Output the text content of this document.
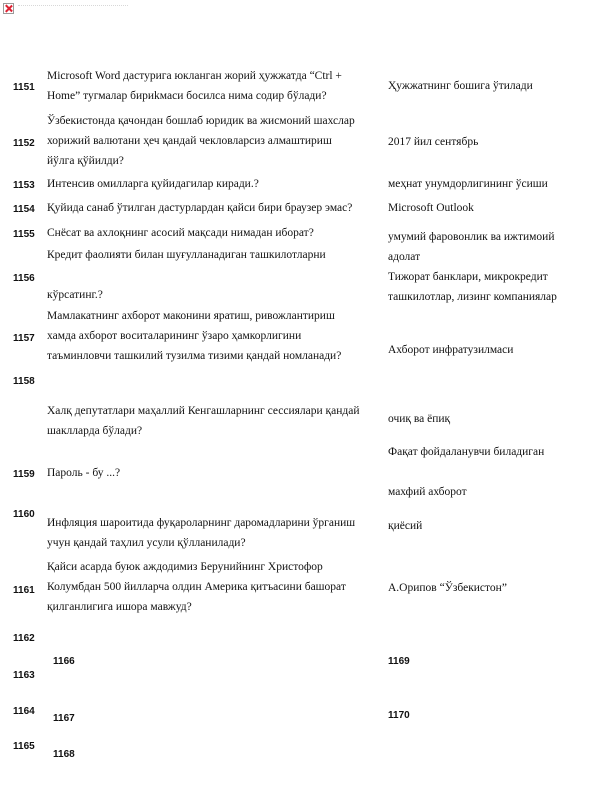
1151
1152
1153
1154
1155
1156
1157
1158
1159
1160
1161
1162
1163
1164
1165
Microsoft Word дастурига юкланган жорий ҳужжатда “Ctrl +
Home” тугмалар бириkмаси босилса нима содир бўлади?
Ўзбекистонда қачондан бошлаб юридик ва жисмоний шахслар
хорижий валютани ҳеч қандай чекловларсиз алмаштириш
йўлга қўйилди?
Интенсив омилларга қуйидагилар киради.?
Қуйида санаб ўтилган дастурлардан қайси бири браузер эмас?
Снёсат ва ахлоқнинг асосий мақсади нимадан иборат?
Кредит фаолияти билан шуғулланадиган ташкилотларни

кўрсатинг.?
Мамлакатнинг ахборот маконини яратиш, ривожлантириш
хамда ахборот воситаларининг ўзаро ҳамкорлигини
таъминловчи ташкилий тузилма тизими қандай номланади?
Халқ депутатлари маҳаллий Кенгашларнинг сессиялари қандай
шаклларда бўлади?
Пароль - бу ...?
Инфляция шароитида фуқароларнинг даромадларини ўрганиш
учун қандай таҳлил усули қўлланилади?
Қайси асарда буюк аждодимиз Берунийнинг Христофор
Колумбдан 500 йилларча олдин Америка қитъасини башорат
қилганлигига ишора мавжуд?
Ҳужжатнинг бошига ўтилади
2017 йил сентябрь
меҳнат унумдорлигининг ўсиши
Microsoft Outlook
умумий фаровонлик ва ижтимоий
адолат
Тижорат банклари, микрокредит
ташкилотлар, лизинг компаниялар
Ахборот инфратузилмаси
очиқ ва ёпиқ
Фақат фойдаланувчи биладиган

махфий ахборот
қиёсий
А.Орипов “Ўзбекистон”
1166	1169
1167	1170
1168
